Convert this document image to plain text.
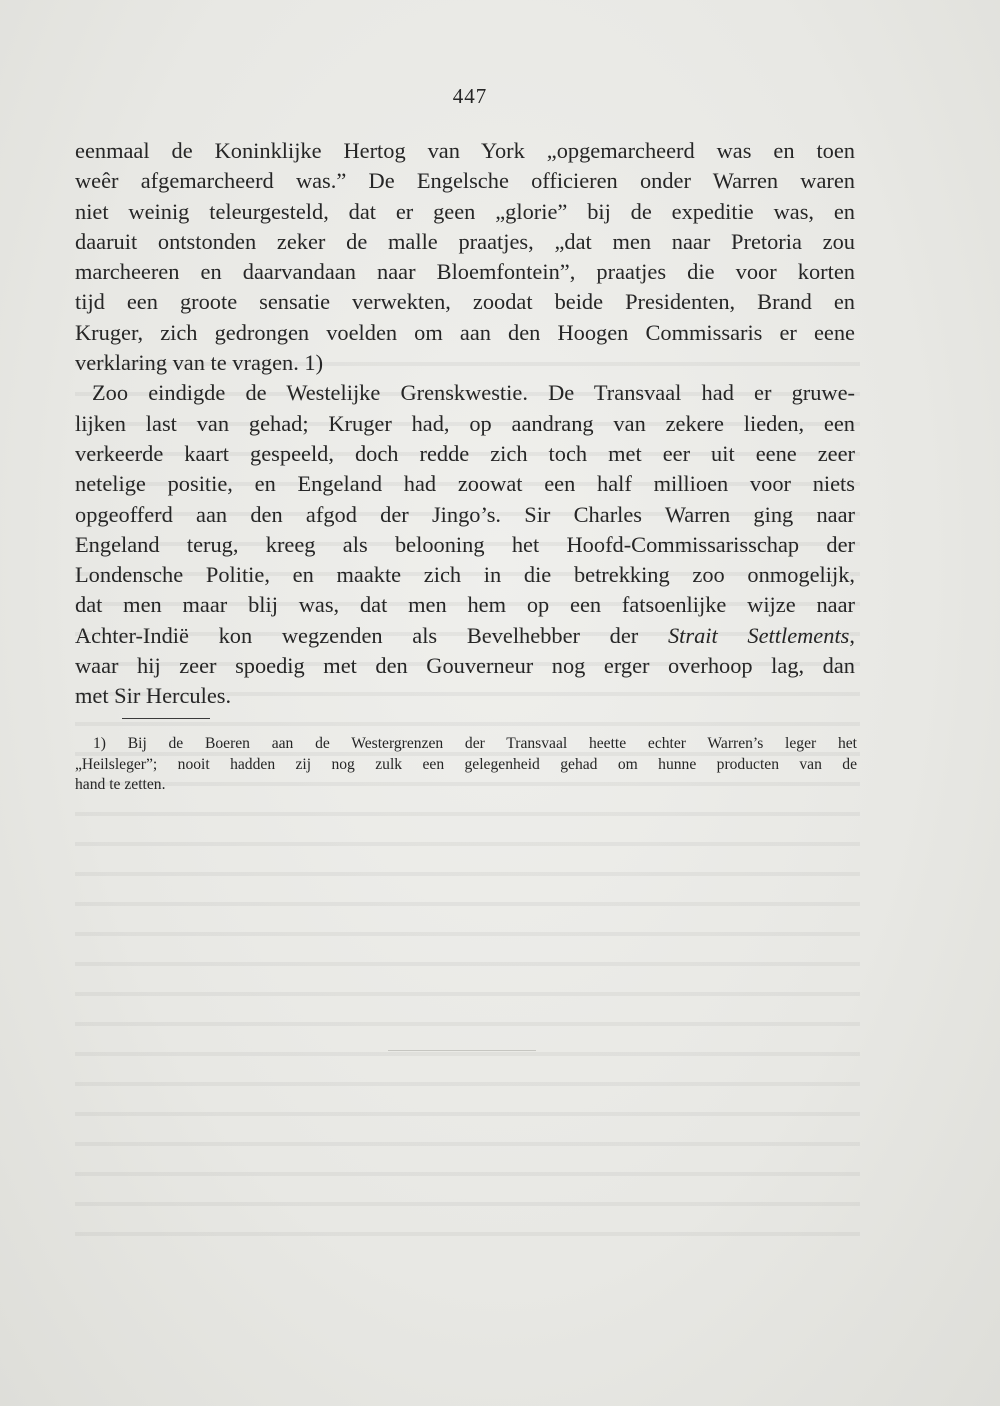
447
eenmaal de Koninklijke Hertog van York „opgemarcheerd was en toen
weêr afgemarcheerd was.” De Engelsche officieren onder Warren waren
niet weinig teleurgesteld, dat er geen „glorie” bij de expeditie was, en
daaruit ontstonden zeker de malle praatjes, „dat men naar Pretoria zou
marcheeren en daarvandaan naar Bloemfontein”, praatjes die voor korten
tijd een groote sensatie verwekten, zoodat beide Presidenten, Brand en
Kruger, zich gedrongen voelden om aan den Hoogen Commissaris er eene
verklaring van te vragen. 1)
Zoo eindigde de Westelijke Grenskwestie. De Transvaal had er gruwe-
lijken last van gehad; Kruger had, op aandrang van zekere lieden, een
verkeerde kaart gespeeld, doch redde zich toch met eer uit eene zeer
netelige positie, en Engeland had zoowat een half millioen voor niets
opgeofferd aan den afgod der Jingo’s. Sir Charles Warren ging naar
Engeland terug, kreeg als belooning het Hoofd-Commissarisschap der
Londensche Politie, en maakte zich in die betrekking zoo onmogelijk,
dat men maar blij was, dat men hem op een fatsoenlijke wijze naar
Achter-Indië kon wegzenden als Bevelhebber der Strait Settlements,
waar hij zeer spoedig met den Gouverneur nog erger overhoop lag, dan
met Sir Hercules.
1) Bij de Boeren aan de Westergrenzen der Transvaal heette echter Warren’s leger het
„Heilsleger”; nooit hadden zij nog zulk een gelegenheid gehad om hunne producten van de
hand te zetten.
